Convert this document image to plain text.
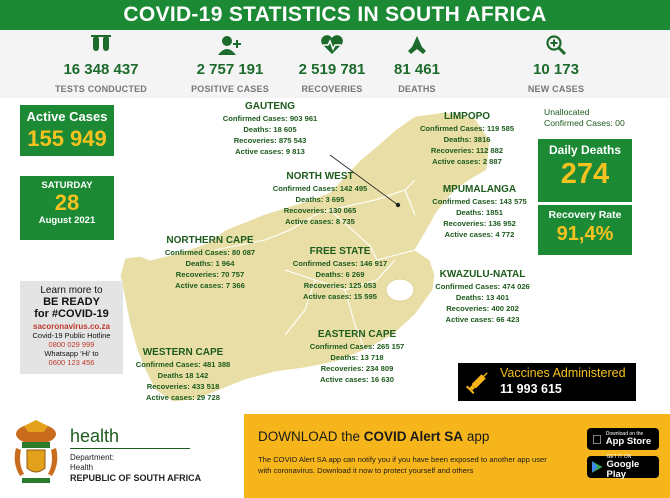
COVID-19 STATISTICS IN SOUTH AFRICA
16 348 437
TESTS CONDUCTED
2 757 191
POSITIVE CASES
2 519 781
RECOVERIES
81 461
DEATHS
10 173
NEW CASES
Active Cases
155 949
SATURDAY
28
August 2021
Unallocated
Confirmed Cases: 00
Daily Deaths
274
Recovery Rate
91,4%
GAUTENG
Confirmed Cases: 903 961
Deaths: 18 605
Recoveries: 875 543
Active cases: 9 813
LIMPOPO
Confirmed Cases: 119 585
Deaths: 3816
Recoveries: 112 882
Active cases: 2 887
NORTH WEST
Confirmed Cases: 142 495
Deaths: 3 695
Recoveries: 130 065
Active cases: 8 735
MPUMALANGA
Confirmed Cases: 143 575
Deaths: 1851
Recoveries: 136 952
Active cases: 4 772
NORTHERN CAPE
Confirmed Cases: 80 087
Deaths: 1 964
Recoveries: 70 757
Active cases: 7 366
FREE STATE
Confirmed Cases: 146 917
Deaths: 6 269
Recoveries: 125 053
Active cases: 15 595
KWAZULU-NATAL
Confirmed Cases: 474 026
Deaths: 13 401
Recoveries: 400 202
Active cases: 66 423
WESTERN CAPE
Confirmed Cases: 481 388
Deaths 18 142
Recoveries: 433 518
Active cases: 29 728
EASTERN CAPE
Confirmed Cases: 265 157
Deaths: 13 718
Recoveries: 234 809
Active cases: 16 630
Learn more to
BE READY
for #COVID-19
sacoronavirus.co.za
Covid-19 Public Hotline
0800 029 999
Whatsapp ‘Hi’ to
0600 123 456
Vaccines Administered
11 993 615
health
Department:
Health
REPUBLIC OF SOUTH AFRICA
DOWNLOAD the COVID Alert SA app
The COVID Alert SA app can notify you if you have been exposed to another app user with coronavirus. Download it now to protect yourself and others
Download on the
App Store
GET IT ON
Google Play
